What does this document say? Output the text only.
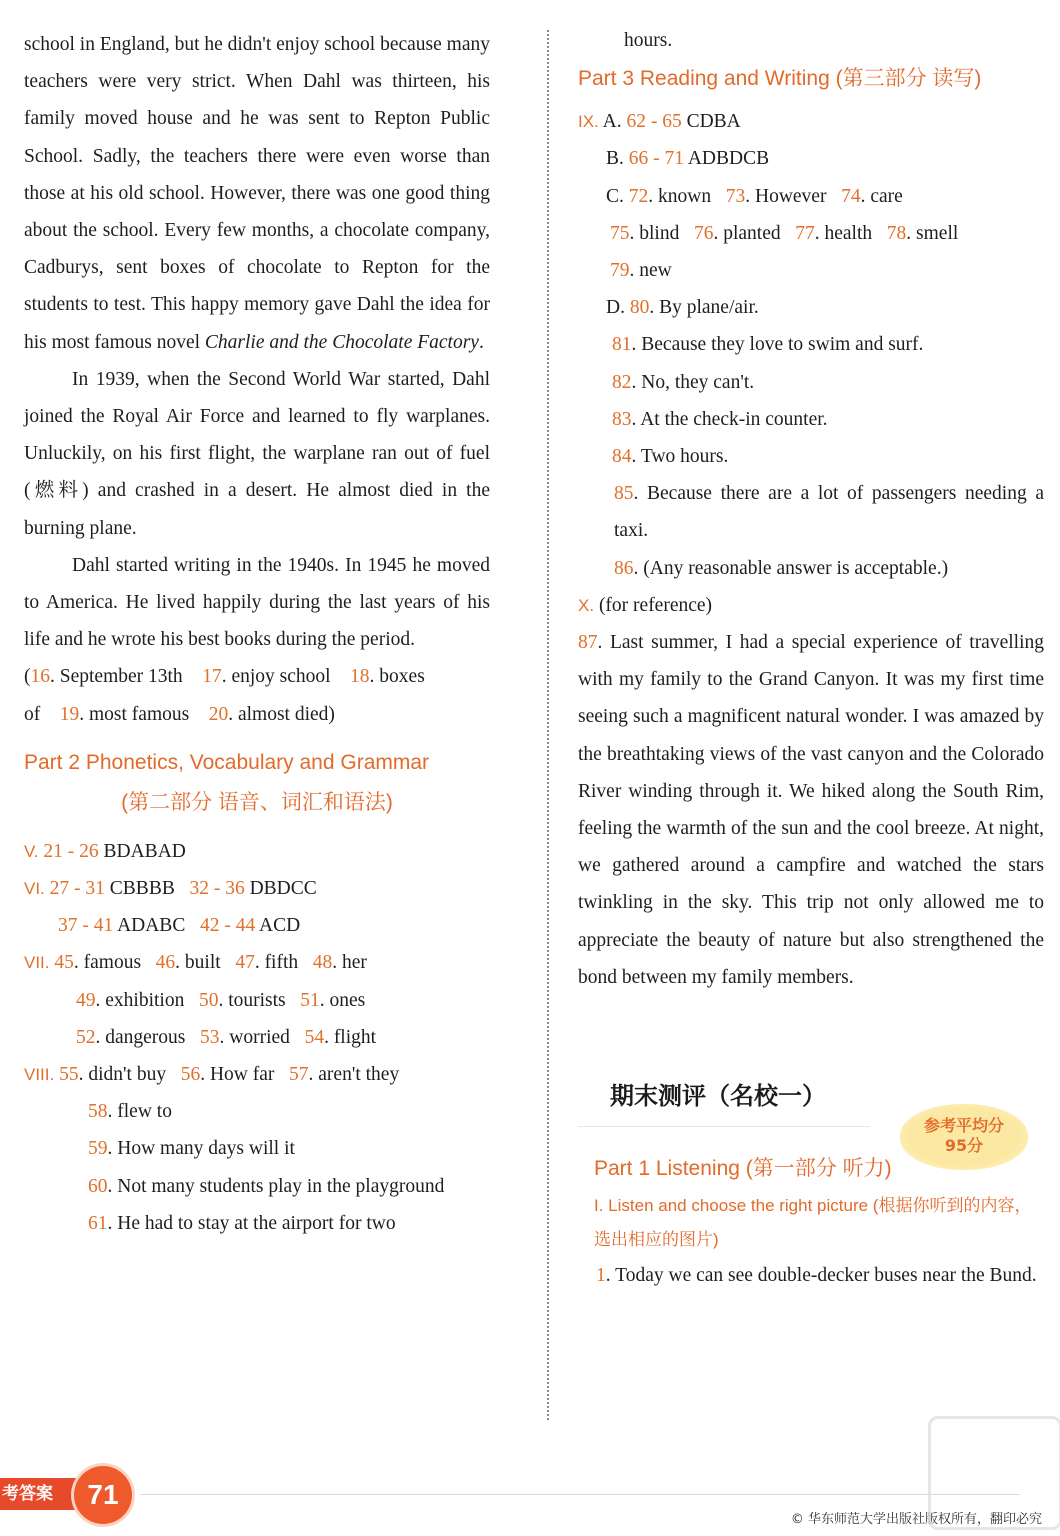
school in England, but he didn't enjoy school because many teachers were very strict. When Dahl was thirteen, his family moved house and he was sent to Repton Public School. Sadly, the teachers there were even worse than those at his old school. However, there was one good thing about the school. Every few months, a chocolate company, Cadburys, sent boxes of chocolate to Repton for the students to test. This happy memory gave Dahl the idea for his most famous novel Charlie and the Chocolate Factory.

In 1939, when the Second World War started, Dahl joined the Royal Air Force and learned to fly warplanes. Unluckily, on his first flight, the warplane ran out of fuel (燃料) and crashed in a desert. He almost died in the burning plane.

Dahl started writing in the 1940s. In 1945 he moved to America. He lived happily during the last years of his life and he wrote his best books during the period.

(16. September 13th 17. enjoy school 18. boxes
of 19. most famous 20. almost died)
Part 2 Phonetics, Vocabulary and Grammar
(第二部分 语音、词汇和语法)
V. 21 - 26 BDABAD
VI. 27 - 31 CBBBB 32 - 36 DBDCC
37 - 41 ADABC 42 - 44 ACD
VII. 45. famous 46. built 47. fifth 48. her
49. exhibition 50. tourists 51. ones
52. dangerous 53. worried 54. flight
VIII. 55. didn't buy 56. How far 57. aren't they
58. flew to
59. How many days will it
60. Not many students play in the playground
61. He had to stay at the airport for two
hours.
Part 3 Reading and Writing (第三部分 读写)
IX. A. 62 - 65 CDBA
B. 66 - 71 ADBDCB
C. 72. known 73. However 74. care
75. blind 76. planted 77. health 78. smell
79. new
D. 80. By plane/air.
81. Because they love to swim and surf.
82. No, they can't.
83. At the check-in counter.
84. Two hours.

85. Because there are a lot of passengers needing a taxi.

86. (Any reasonable answer is acceptable.)
X. (for reference)

87. Last summer, I had a special experience of travelling with my family to the Grand Canyon. It was my first time seeing such a magnificent natural wonder. I was amazed by the breathtaking views of the vast canyon and the Colorado River winding through it. We hiked along the South Rim, feeling the warmth of the sun and the cool breeze. At night, we gathered around a campfire and watched the stars twinkling in the sky. This trip not only allowed me to appreciate the beauty of nature but also strengthened the bond between my family members.

期末测评（名校一）
Part 1 Listening (第一部分 听力)
I. Listen and choose the right picture (根据你听到的内容，选出相应的图片)

1. Today we can see double-decker buses near the Bund.

参考平均分
95分
考答案	71
© 华东师范大学出版社版权所有，翻印必究
